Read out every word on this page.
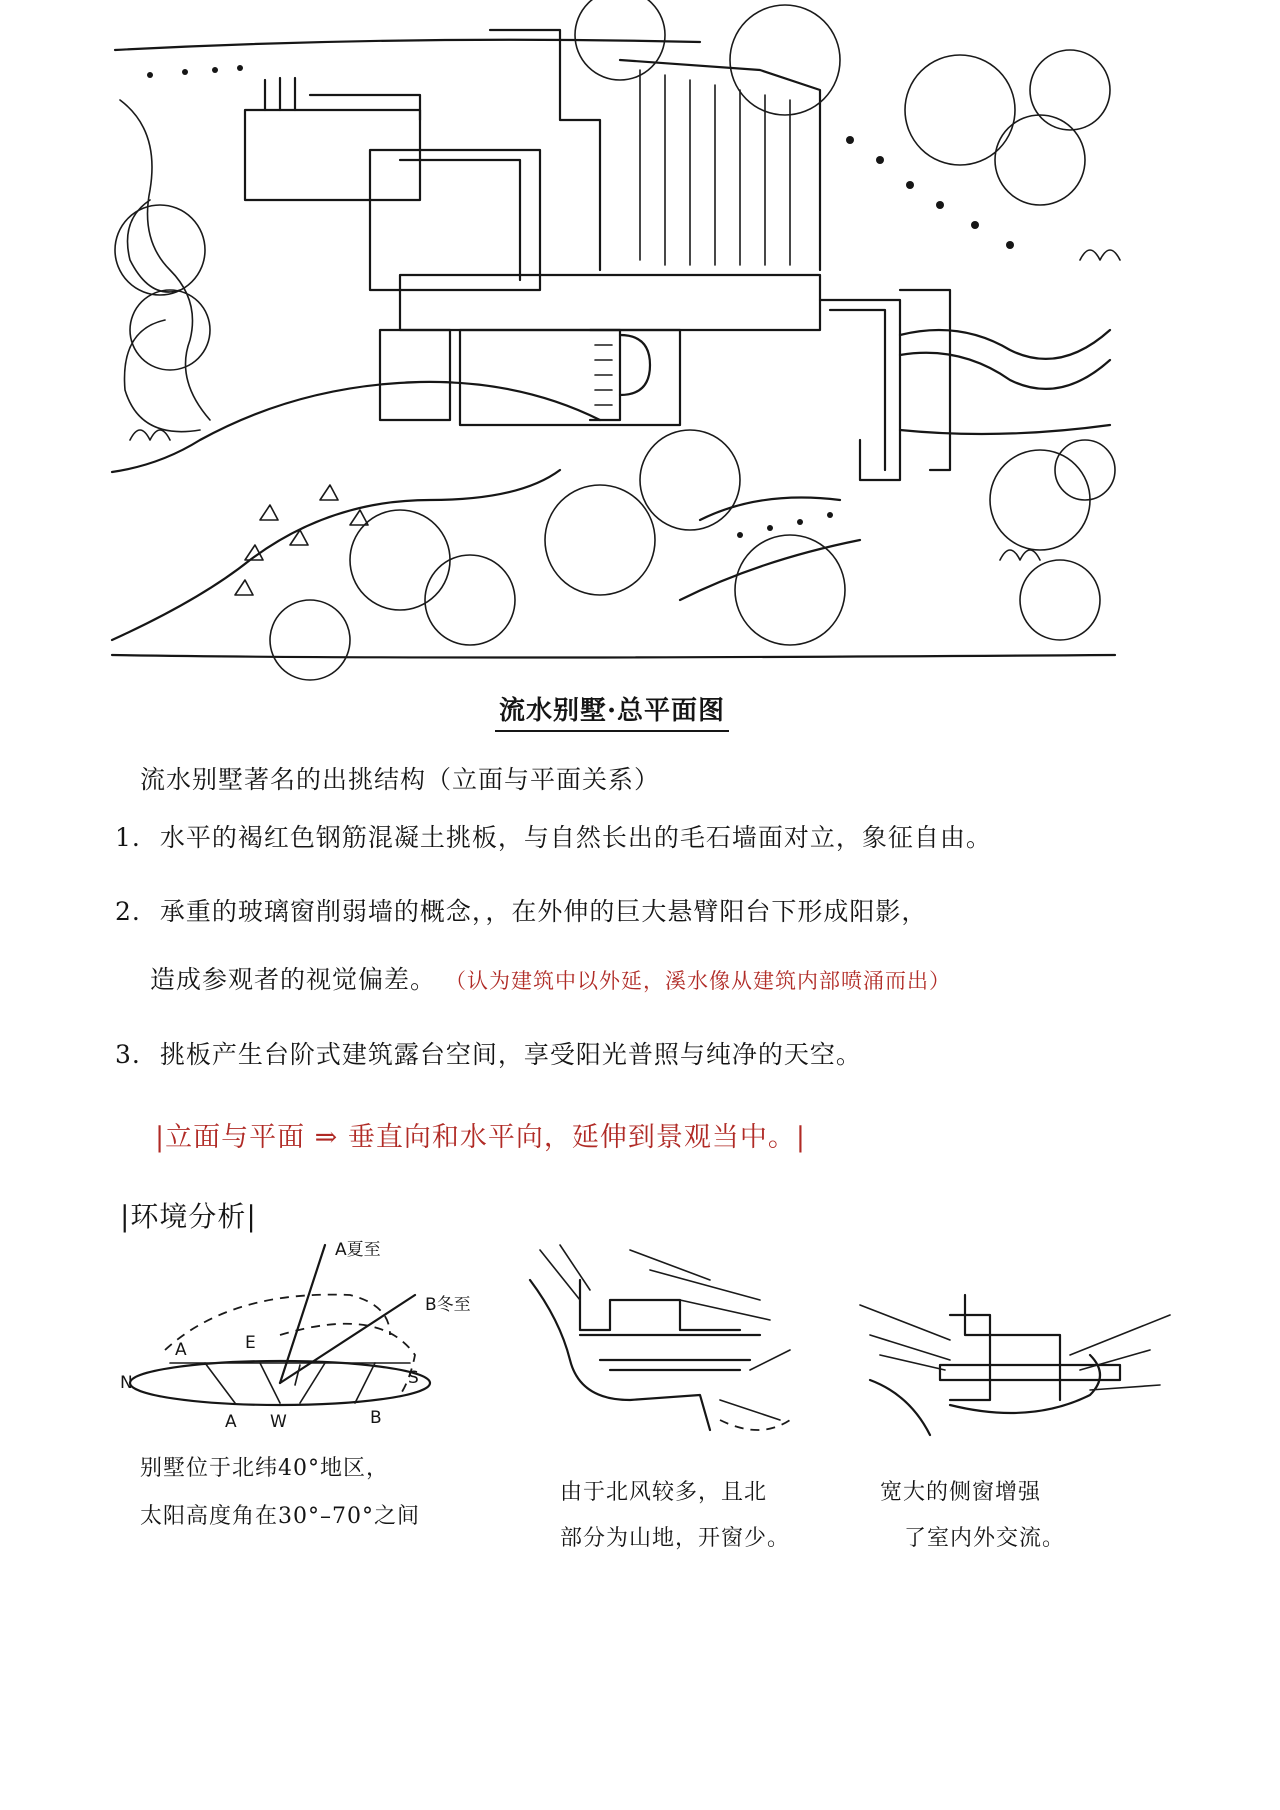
流水别墅·总平面图
流水别墅著名的出挑结构（立面与平面关系）
1. 水平的褐红色钢筋混凝土挑板，与自然长出的毛石墙面对立，象征自由。
2. 承重的玻璃窗削弱墙的概念，，在外伸的巨大悬臂阳台下形成阳影，
造成参观者的视觉偏差。 （认为建筑中以外延，溪水像从建筑内部喷涌而出）
3. 挑板产生台阶式建筑露台空间，享受阳光普照与纯净的天空。
|立面与平面 ⇒ 垂直向和水平向，延伸到景观当中。|
|环境分析|
A夏至
B冬至
N	S
E
W
A
A	B
别墅位于北纬40°地区，
太阳高度角在30°–70°之间
由于北风较多，且北
部分为山地，开窗少。
宽大的侧窗增强
了室内外交流。
